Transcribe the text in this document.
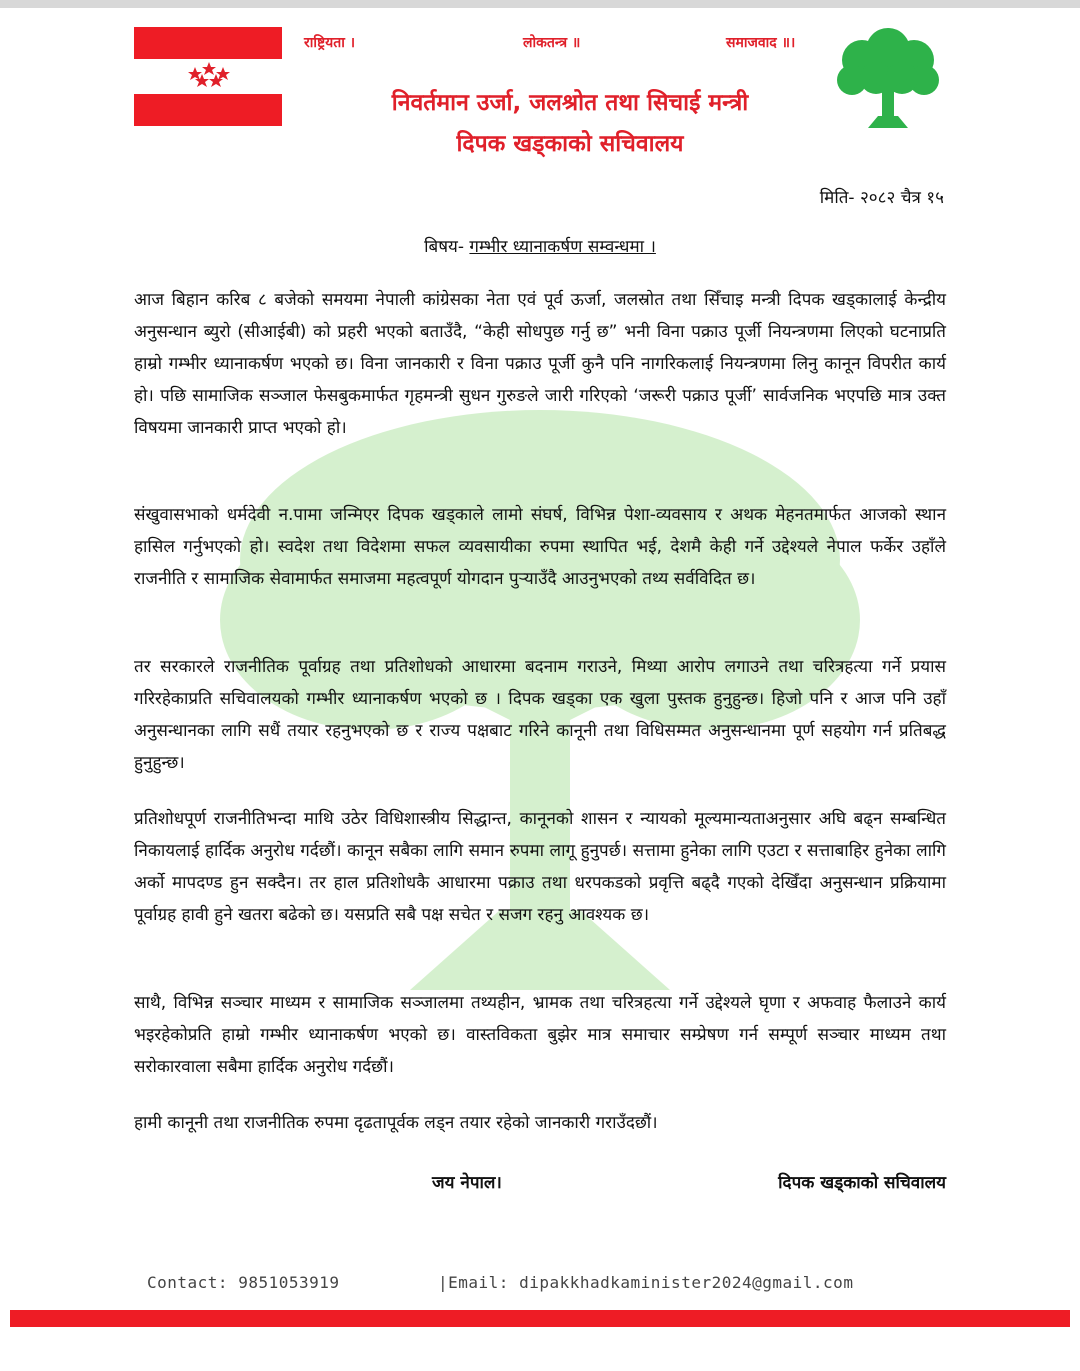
राष्ट्रियता ।	लोकतन्त्र ॥	समाजवाद ॥।
निवर्तमान उर्जा, जलश्रोत तथा सिचाई मन्त्री
दिपक खड्काको सचिवालय
मिति- २०८२ चैत्र १५
बिषय- गम्भीर ध्यानाकर्षण सम्वन्धमा ।

आज बिहान करिब ८ बजेको समयमा नेपाली कांग्रेसका नेता एवं पूर्व ऊर्जा, जलस्रोत तथा सिँचाइ मन्त्री दिपक खड्कालाई केन्द्रीय अनुसन्धान ब्युरो (सीआईबी) को प्रहरी भएको बताउँदै, “केही सोधपुछ गर्नु छ” भनी विना पक्राउ पूर्जी नियन्त्रणमा लिएको घटनाप्रति हाम्रो गम्भीर ध्यानाकर्षण भएको छ। विना जानकारी र विना पक्राउ पूर्जी कुनै पनि नागरिकलाई नियन्त्रणमा लिनु कानून विपरीत कार्य हो। पछि सामाजिक सञ्जाल फेसबुकमार्फत गृहमन्त्री सुधन गुरुङले जारी गरिएको ‘जरूरी पक्राउ पूर्जी’ सार्वजनिक भएपछि मात्र उक्त विषयमा जानकारी प्राप्त भएको हो।

संखुवासभाको धर्मदेवी न.पामा जन्मिएर दिपक खड्काले लामो संघर्ष, विभिन्न पेशा-व्यवसाय र अथक मेहनतमार्फत आजको स्थान हासिल गर्नुभएको हो। स्वदेश तथा विदेशमा सफल व्यवसायीका रुपमा स्थापित भई, देशमै केही गर्ने उद्देश्यले नेपाल फर्केर उहाँले राजनीति र सामाजिक सेवामार्फत समाजमा महत्वपूर्ण योगदान पुऱ्याउँदै आउनुभएको तथ्य सर्वविदित छ।

तर सरकारले राजनीतिक पूर्वाग्रह तथा प्रतिशोधको आधारमा बदनाम गराउने, मिथ्या आरोप लगाउने तथा चरित्रहत्या गर्ने प्रयास गरिरहेकाप्रति सचिवालयको गम्भीर ध्यानाकर्षण भएको छ । दिपक खड्का एक खुला पुस्तक हुनुहुन्छ। हिजो पनि र आज पनि उहाँ अनुसन्धानका लागि सधैं तयार रहनुभएको छ र राज्य पक्षबाट गरिने कानूनी तथा विधिसम्मत अनुसन्धानमा पूर्ण सहयोग गर्न प्रतिबद्ध हुनुहुन्छ।

प्रतिशोधपूर्ण राजनीतिभन्दा माथि उठेर विधिशास्त्रीय सिद्धान्त, कानूनको शासन र न्यायको मूल्यमान्यताअनुसार अघि बढ्न सम्बन्धित निकायलाई हार्दिक अनुरोध गर्दछौं। कानून सबैका लागि समान रुपमा लागू हुनुपर्छ। सत्तामा हुनेका लागि एउटा र सत्ताबाहिर हुनेका लागि अर्को मापदण्ड हुन सक्दैन। तर हाल प्रतिशोधकै आधारमा पक्राउ तथा धरपकडको प्रवृत्ति बढ्दै गएको देखिँदा अनुसन्धान प्रक्रियामा पूर्वाग्रह हावी हुने खतरा बढेको छ। यसप्रति सबै पक्ष सचेत र सजग रहनु आवश्यक छ।

साथै, विभिन्न सञ्चार माध्यम र सामाजिक सञ्जालमा तथ्यहीन, भ्रामक तथा चरित्रहत्या गर्ने उद्देश्यले घृणा र अफवाह फैलाउने कार्य भइरहेकोप्रति हाम्रो गम्भीर ध्यानाकर्षण भएको छ। वास्तविकता बुझेर मात्र समाचार सम्प्रेषण गर्न सम्पूर्ण सञ्चार माध्यम तथा सरोकारवाला सबैमा हार्दिक अनुरोध गर्दछौं।

हामी कानूनी तथा राजनीतिक रुपमा दृढतापूर्वक लड्न तयार रहेको जानकारी गराउँदछौं।

जय नेपाल।	दिपक खड्काको सचिवालय
Contact: 9851053919	|Email: dipakkhadkaminister2024@gmail.com
